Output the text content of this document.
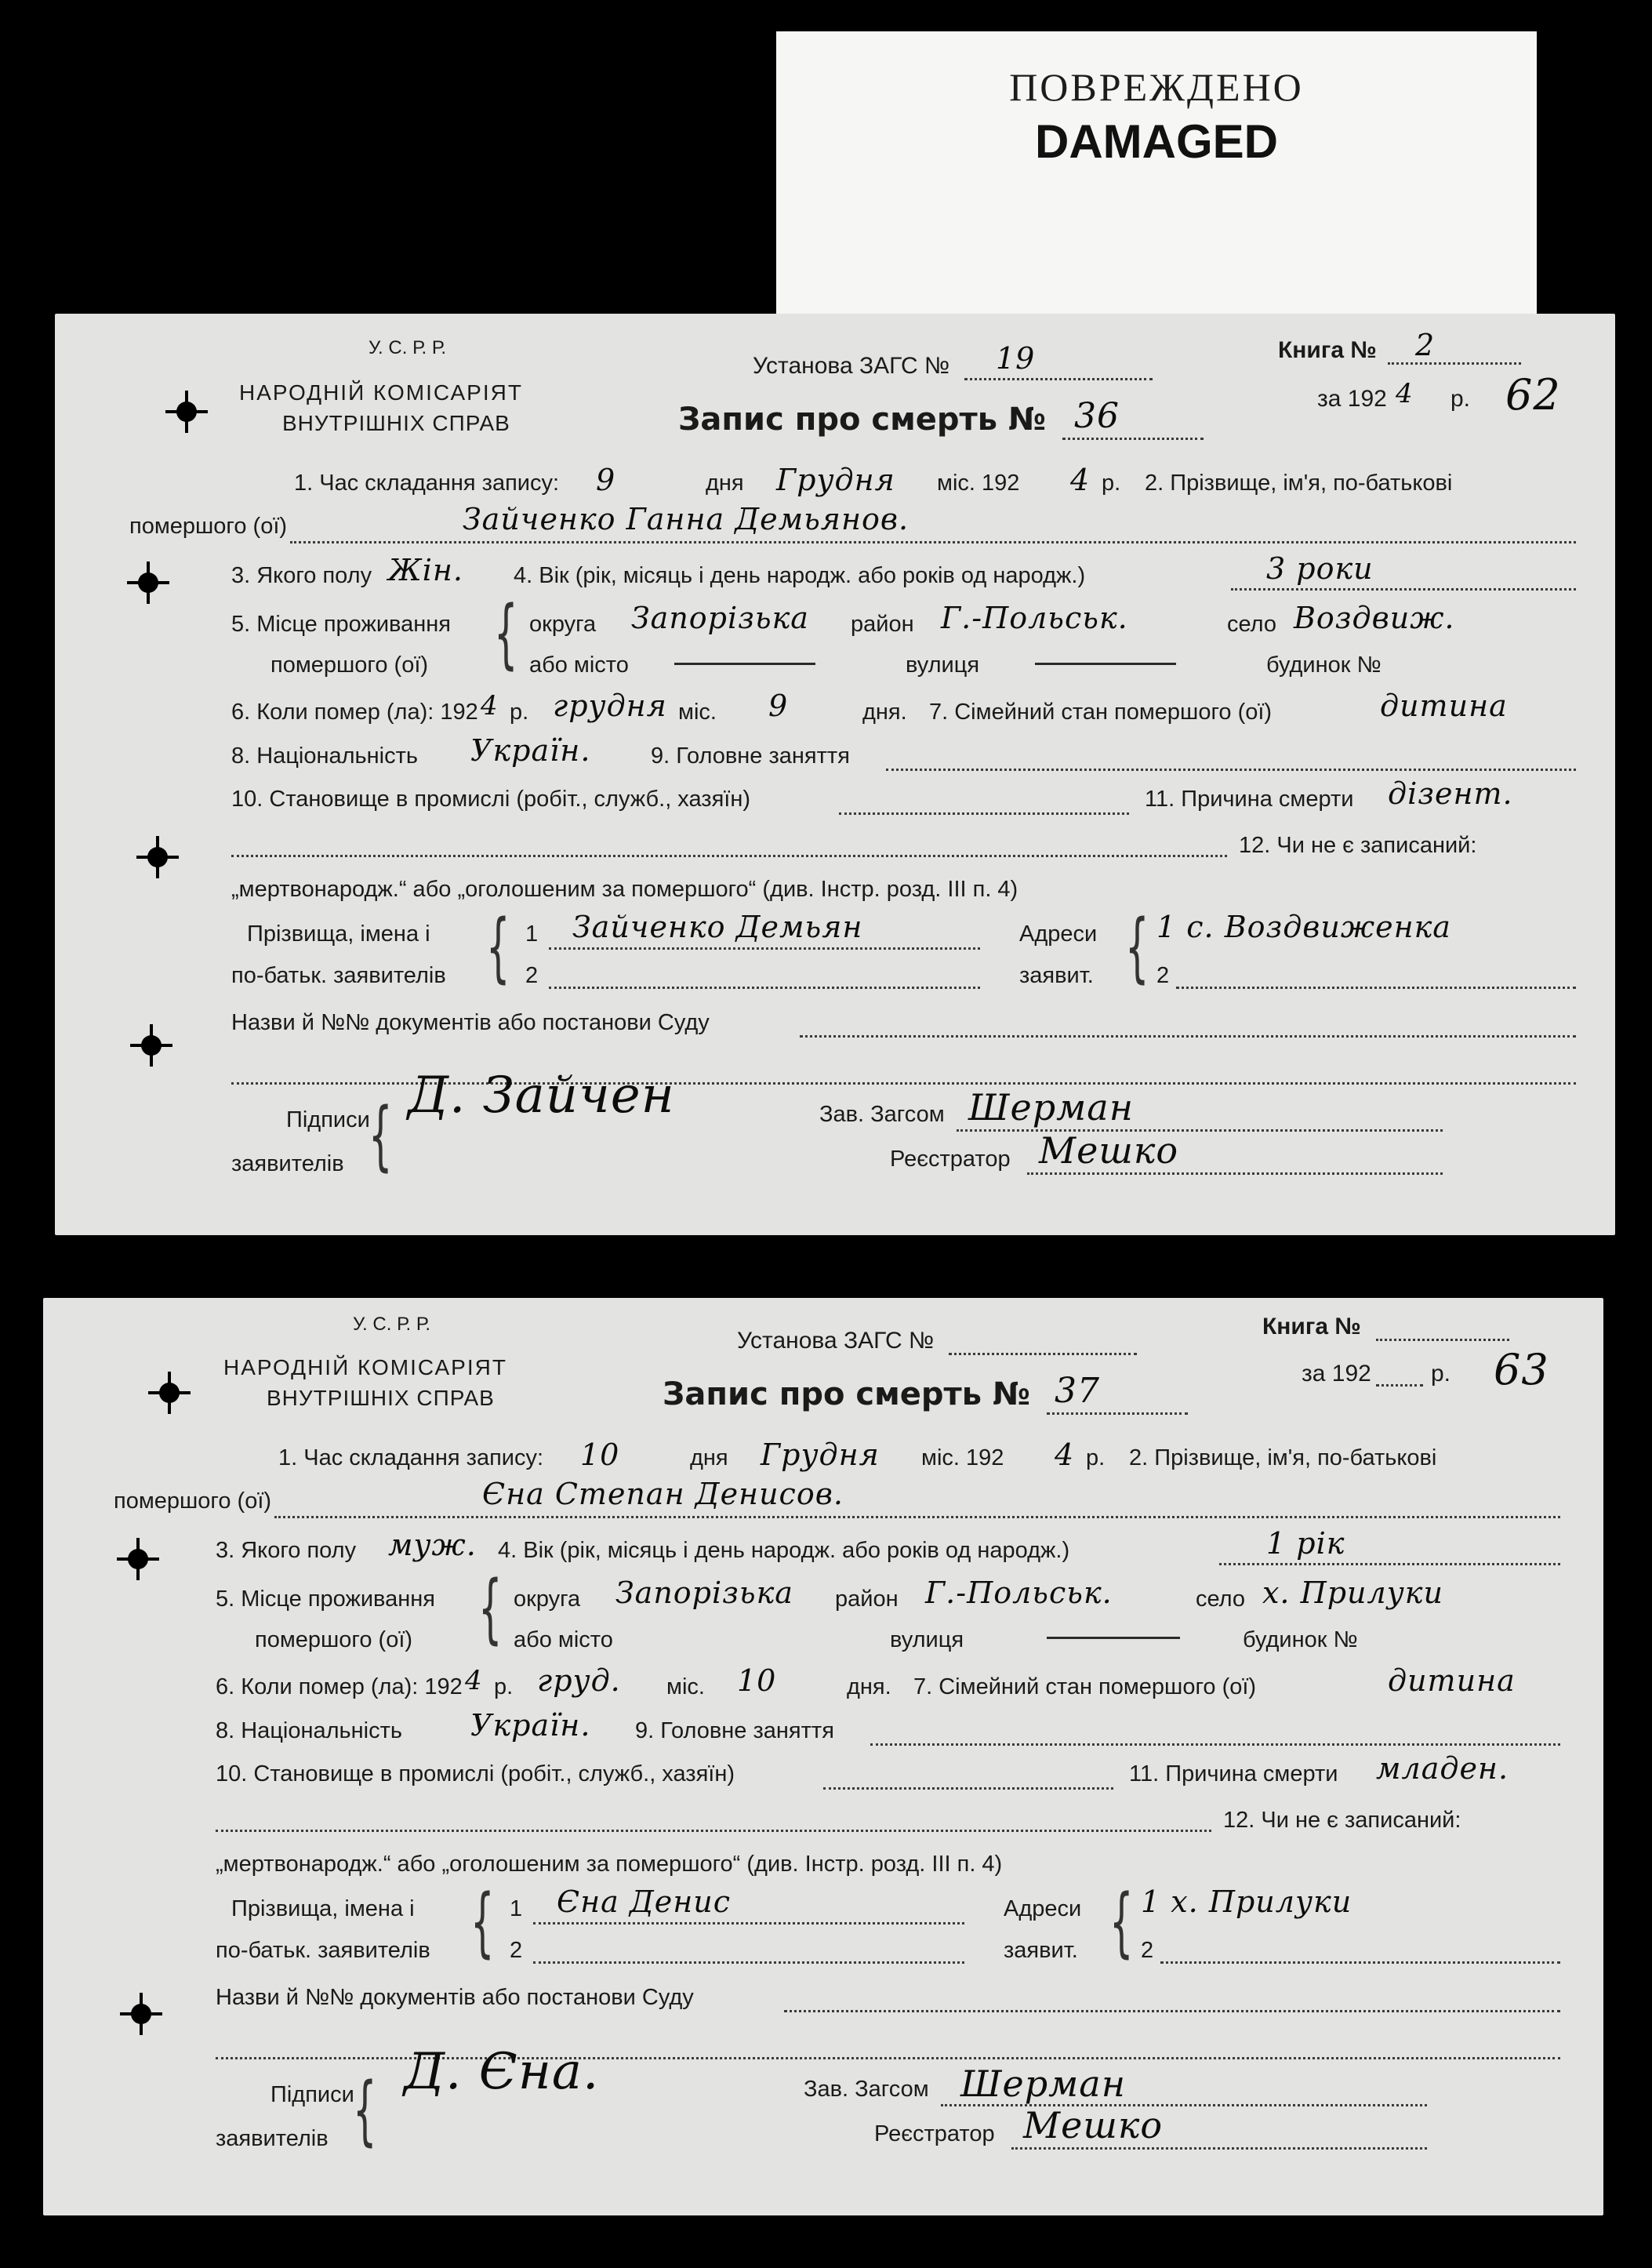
ПОВРЕЖДЕНО
DAMAGED
У. С. Р. Р.
НАРОДНІЙ КОМІСАРІЯТ
ВНУТРІШНІХ СПРАВ
Установа ЗАГС № 19	Книга № 2
за 192 4 р. 62
Запис про смерть № 36
1. Час складання запису: 9	дня Грудня міс. 192 4 р. 2. Прізвище, ім'я, по-батькові
помершого (ої)	Зайченко Ганна Демьянов.
3. Якого полу Жін. 4. Вік (рік, місяць і день народж. або років од народж.)	3 роки
5. Місце проживання
помершого (ої) { округа Запорізька район Г.-Польськ.	село Воздвиж.
або місто	вулиця	будинок №
6. Коли помер (ла): 192 4 р. грудня міс. 9	дня. 7. Сімейний стан помершого (ої)	дитина
8. Національність Україн.	9. Головне заняття
10. Становище в промислі (робіт., служб., хазяїн)	11. Причина смерти дізент.
12. Чи не є записаний:
„мертвонародж.“ або „оголошеним за помершого“ (див. Інстр. розд. III п. 4)
Прізвища, імена і
по-батьк. заявителів { 1 Зайченко Демьян
2
Адреси
заявит. { 1 с. Воздвиженка
2
Назви й №№ документів або постанови Суду
Підписи
заявителів { Д. Зайчен	Зав. Загсом Шерман
Реєстратор Мешко
У. С. Р. Р.
НАРОДНІЙ КОМІСАРІЯТ
ВНУТРІШНІХ СПРАВ
Установа ЗАГС №
Книга №
за 192	р. 63
Запис про смерть № 37
1. Час складання запису: 10	дня Грудня міс. 192 4 р. 2. Прізвище, ім'я, по-батькові
помершого (ої)	Єна Степан Денисов.
3. Якого полу муж. 4. Вік (рік, місяць і день народж. або років од народж.)	1 рік
5. Місце проживання
помершого (ої) { округа Запорізька район Г.-Польськ.	село х. Прилуки
або місто	вулиця	будинок №
6. Коли помер (ла): 192 4 р. груд. міс. 10	дня. 7. Сімейний стан помершого (ої)	дитина
8. Національність Україн. 9. Головне заняття
10. Становище в промислі (робіт., служб., хазяїн)	11. Причина смерти младен.
12. Чи не є записаний:
„мертвонародж.“ або „оголошеним за помершого“ (див. Інстр. розд. III п. 4)
Прізвища, імена і
по-батьк. заявителів { 1 Єна Денис
2
Адреси
заявит. { 1 х. Прилуки
2
Назви й №№ документів або постанови Суду
Підписи
заявителів { Д. Єна.	Зав. Загсом Шерман
Реєстратор Мешко
